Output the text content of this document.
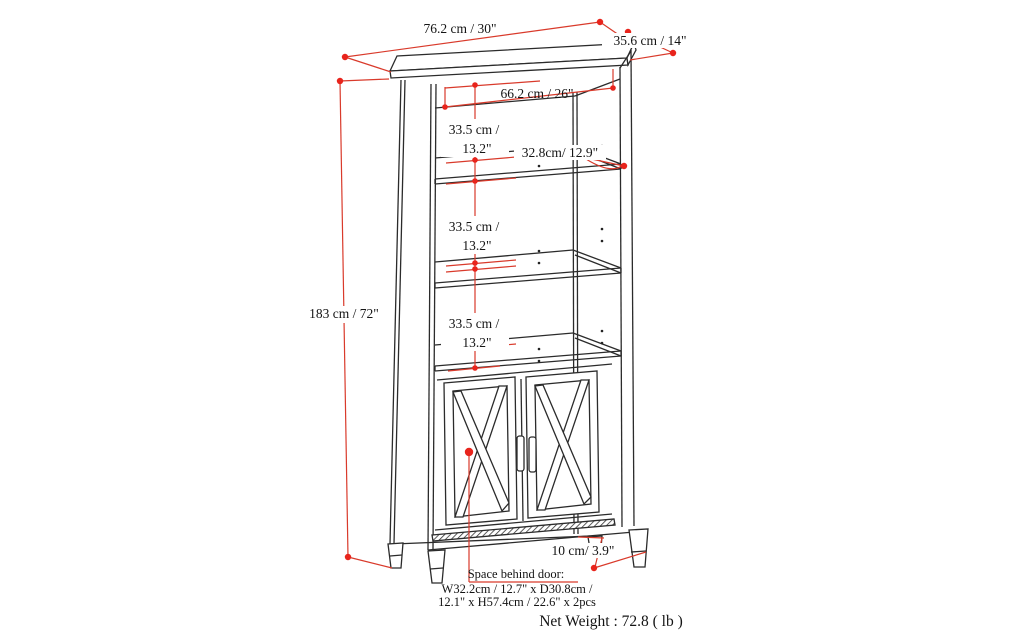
76.2 cm / 30"
35.6 cm / 14"
66.2 cm / 26"
33.5 cm /
13.2" 32.8cm/ 12.9"
33.5 cm /
13.2"
183 cm / 72"
33.5 cm /
13.2"
10 cm/ 3.9"
Space behind door:
W32.2cm / 12.7" x D30.8cm /
12.1" x H57.4cm / 22.6" x 2pcs
Net Weight : 72.8 ( lb )
